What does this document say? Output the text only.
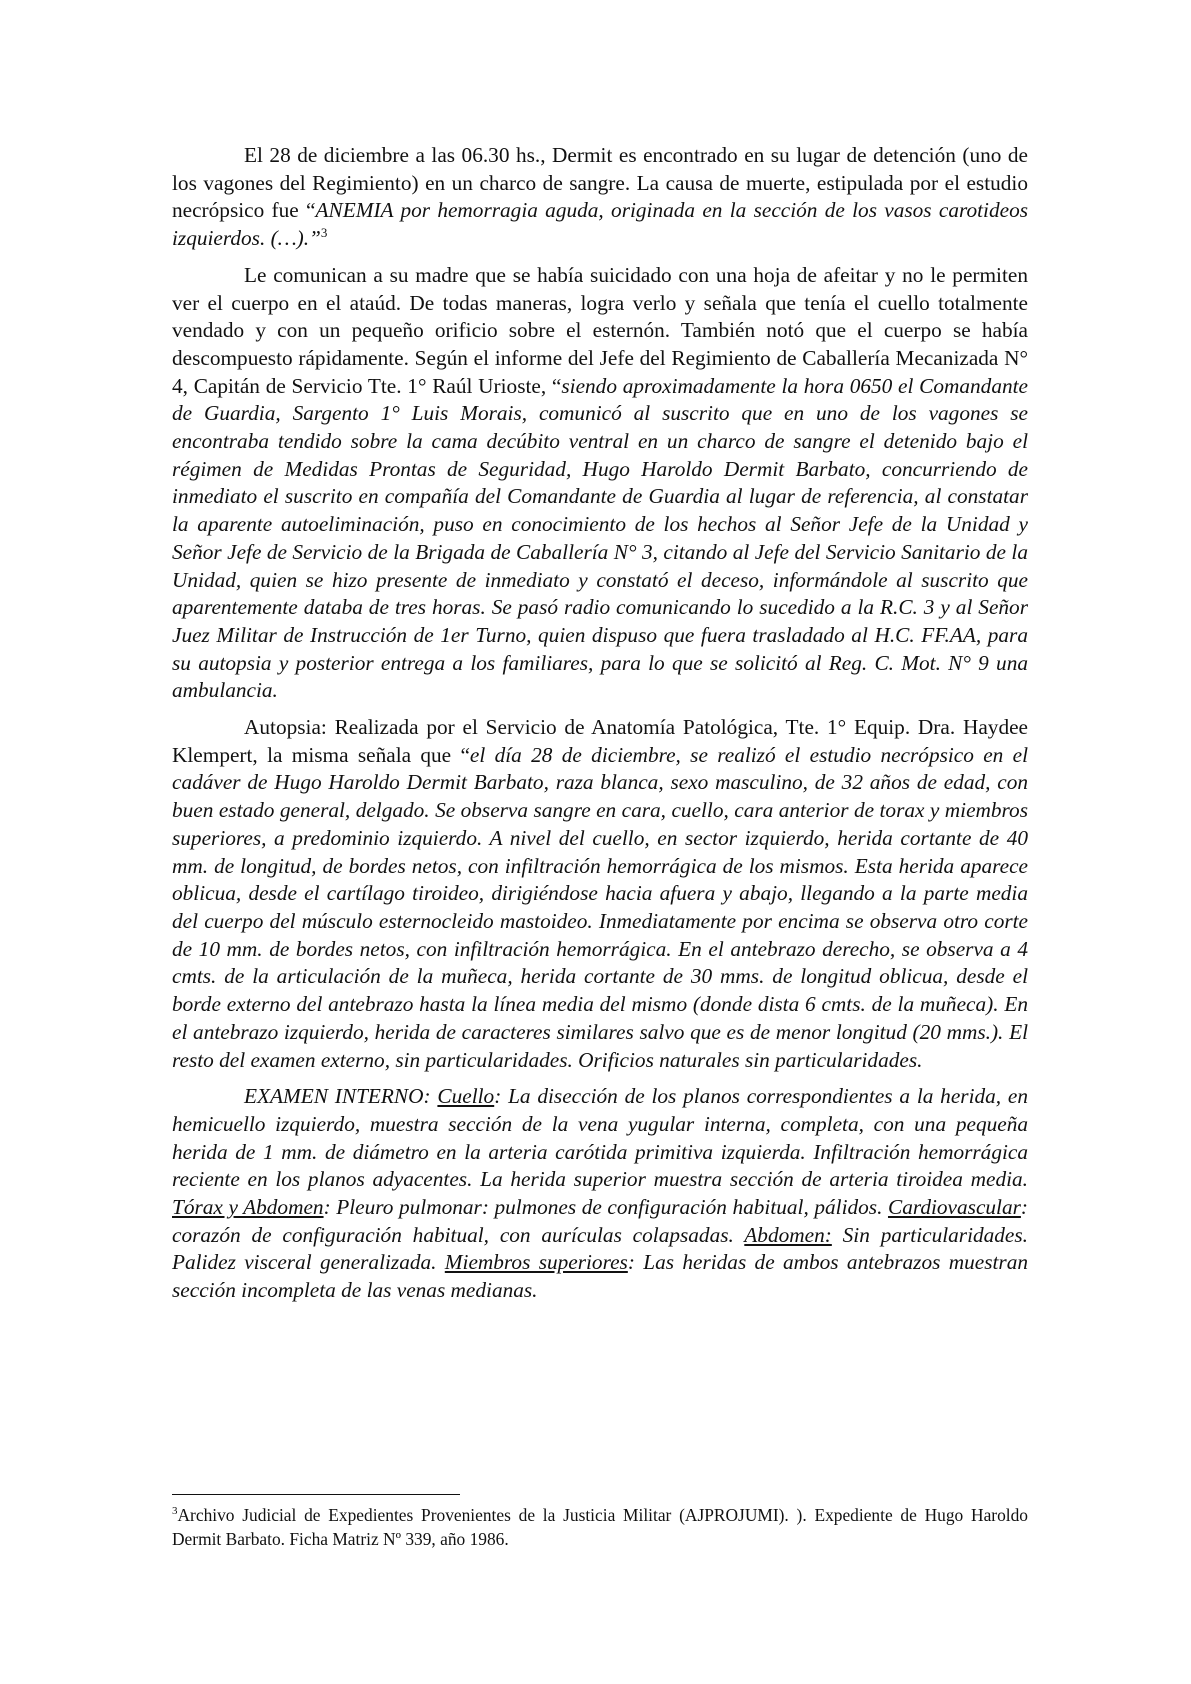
El 28 de diciembre a las 06.30 hs., Dermit es encontrado en su lugar de detención (uno de los vagones del Regimiento) en un charco de sangre. La causa de muerte, estipulada por el estudio necrópsico fue “ANEMIA por hemorragia aguda, originada en la sección de los vasos carotideos izquierdos. (…).”$^3$

Le comunican a su madre que se había suicidado con una hoja de afeitar y no le permiten ver el cuerpo en el ataúd. De todas maneras, logra verlo y señala que tenía el cuello totalmente vendado y con un pequeño orificio sobre el esternón. También notó que el cuerpo se había descompuesto rápidamente. Según el informe del Jefe del Regimiento de Caballería Mecanizada N° 4, Capitán de Servicio Tte. 1° Raúl Urioste, “siendo aproximadamente la hora 0650 el Comandante de Guardia, Sargento 1° Luis Morais, comunicó al suscrito que en uno de los vagones se encontraba tendido sobre la cama decúbito ventral en un charco de sangre el detenido bajo el régimen de Medidas Prontas de Seguridad, Hugo Haroldo Dermit Barbato, concurriendo de inmediato el suscrito en compañía del Comandante de Guardia al lugar de referencia, al constatar la aparente autoeliminación, puso en conocimiento de los hechos al Señor Jefe de la Unidad y Señor Jefe de Servicio de la Brigada de Caballería N° 3, citando al Jefe del Servicio Sanitario de la Unidad, quien se hizo presente de inmediato y constató el deceso, informándole al suscrito que aparentemente databa de tres horas. Se pasó radio comunicando lo sucedido a la R.C. 3 y al Señor Juez Militar de Instrucción de 1er Turno, quien dispuso que fuera trasladado al H.C. FF.AA, para su autopsia y posterior entrega a los familiares, para lo que se solicitó al Reg. C. Mot. N° 9 una ambulancia.

Autopsia: Realizada por el Servicio de Anatomía Patológica, Tte. 1° Equip. Dra. Haydee Klempert, la misma señala que “el día 28 de diciembre, se realizó el estudio necrópsico en el cadáver de Hugo Haroldo Dermit Barbato, raza blanca, sexo masculino, de 32 años de edad, con buen estado general, delgado. Se observa sangre en cara, cuello, cara anterior de torax y miembros superiores, a predominio izquierdo. A nivel del cuello, en sector izquierdo, herida cortante de 40 mm. de longitud, de bordes netos, con infiltración hemorrágica de los mismos. Esta herida aparece oblicua, desde el cartílago tiroideo, dirigiéndose hacia afuera y abajo, llegando a la parte media del cuerpo del músculo esternocleido mastoideo. Inmediatamente por encima se observa otro corte de 10 mm. de bordes netos, con infiltración hemorrágica. En el antebrazo derecho, se observa a 4 cmts. de la articulación de la muñeca, herida cortante de 30 mms. de longitud oblicua, desde el borde externo del antebrazo hasta la línea media del mismo (donde dista 6 cmts. de la muñeca). En el antebrazo izquierdo, herida de caracteres similares salvo que es de menor longitud (20 mms.). El resto del examen externo, sin particularidades. Orificios naturales sin particularidades.

EXAMEN INTERNO: Cuello: La disección de los planos correspondientes a la herida, en hemicuello izquierdo, muestra sección de la vena yugular interna, completa, con una pequeña herida de 1 mm. de diámetro en la arteria carótida primitiva izquierda. Infiltración hemorrágica reciente en los planos adyacentes. La herida superior muestra sección de arteria tiroidea media. Tórax y Abdomen: Pleuro pulmonar: pulmones de configuración habitual, pálidos. Cardiovascular: corazón de configuración habitual, con aurículas colapsadas. Abdomen: Sin particularidades. Palidez visceral generalizada. Miembros superiores: Las heridas de ambos antebrazos muestran sección incompleta de las venas medianas.

$^3$Archivo Judicial de Expedientes Provenientes de la Justicia Militar (AJPROJUMI). ). Expediente de Hugo Haroldo Dermit Barbato. Ficha Matriz Nº 339, año 1986.
